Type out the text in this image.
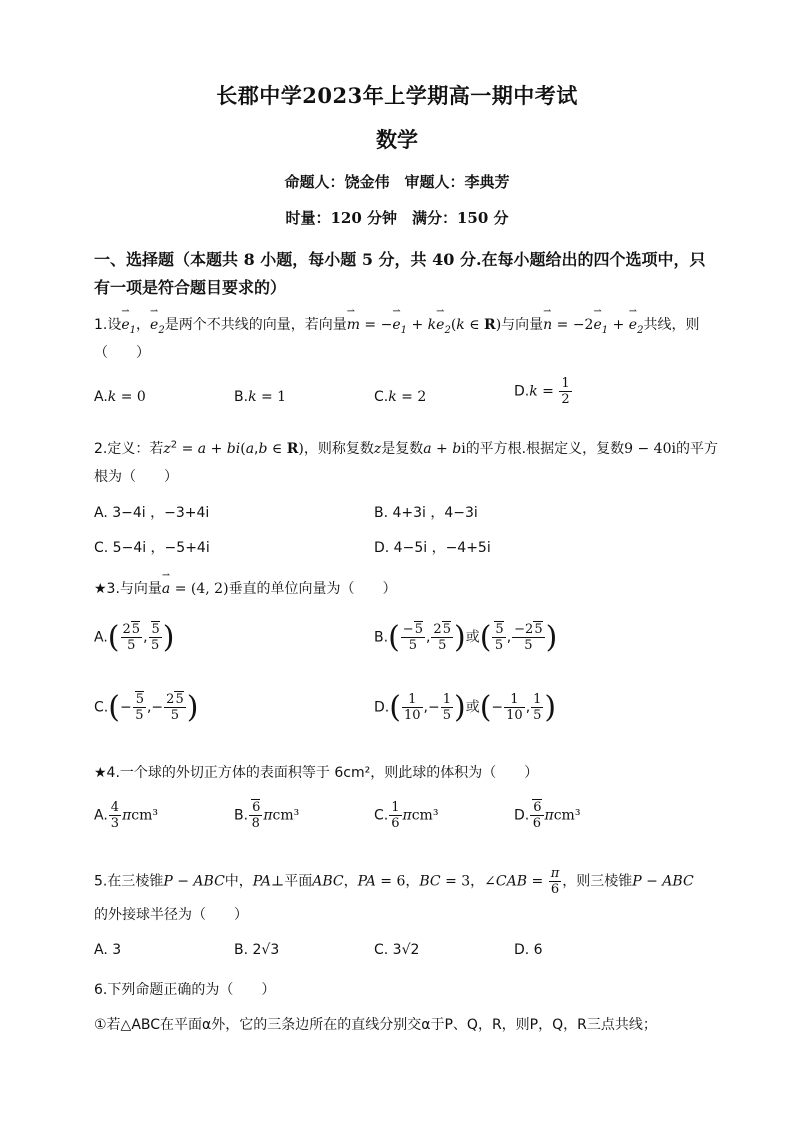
长郡中学2023年上学期高一期中考试
数学
命题人：饶金伟　审题人：李典芳
时量：120 分钟　满分：150 分
一、选择题（本题共 8 小题，每小题 5 分，共 40 分.在每小题给出的四个选项中，只有一项是符合题目要求的）
1.设⇀ $e_1$，⇀ $e_2$是两个不共线的向量，若向量⇀ m = −⇀ $e_1$ + k⇀ $e_2(k$ ∈ R)与向量⇀ n = −2⇀ $e_1$ + ⇀ $e_2$共线，则
（　　）
A.k = 0	B.k = 1	C.k = 2	$D.k = \frac{1}{2}$
2.定义：若$z^2 = a + bi(a,b$ ∈ R)，则称复数z是复数a + bi的平方根.根据定义，复数9 − 40i的平方
根为（　　）
A. 3−4i ，−3+4i	B. 4+3i ，4−3i
C. 5−4i ，−5+4i	D. 4−5i ，−4+5i
★3.与向量⇀ a = (4, 2)垂直的单位向量为（　　）
$A.( \frac{25}{5}$ , $\frac{5}{5}$ )	$B.( \frac{-5}{5}$ , $\frac{25}{5}$ )或( $\frac{5}{5}$ , $\frac{-25}{5}$ )
$C.(- \frac{5}{5}$ ,− $\frac{25}{5}$ )	$D.( \frac{1}{10}$ ,− $\frac{1}{5}$ )或(− $\frac{1}{10}$ , $\frac{1}{5}$ )
★4.一个球的外切正方体的表面积等于 6cm²，则此球的体积为（　　）
A. $\frac{4}{3} \pi cm^3$	B. $\frac{6}{8} \pi cm^3$	C. $\frac{1}{6} \pi cm^3$	D. $\frac{6}{6} \pi cm^3$
5.在三棱锥P − ABC中，PA⊥平面ABC，PA = 6，BC = 3，∠CAB = $\frac{\pi}{6}$ ，则三棱锥P − ABC
的外接球半径为（　　）
A. 3	B. 2√3	C. 3√2	D. 6
6.下列命题正确的为（　　）
①若△ABC在平面α外，它的三条边所在的直线分别交α于P、Q，R，则P，Q，R三点共线；
